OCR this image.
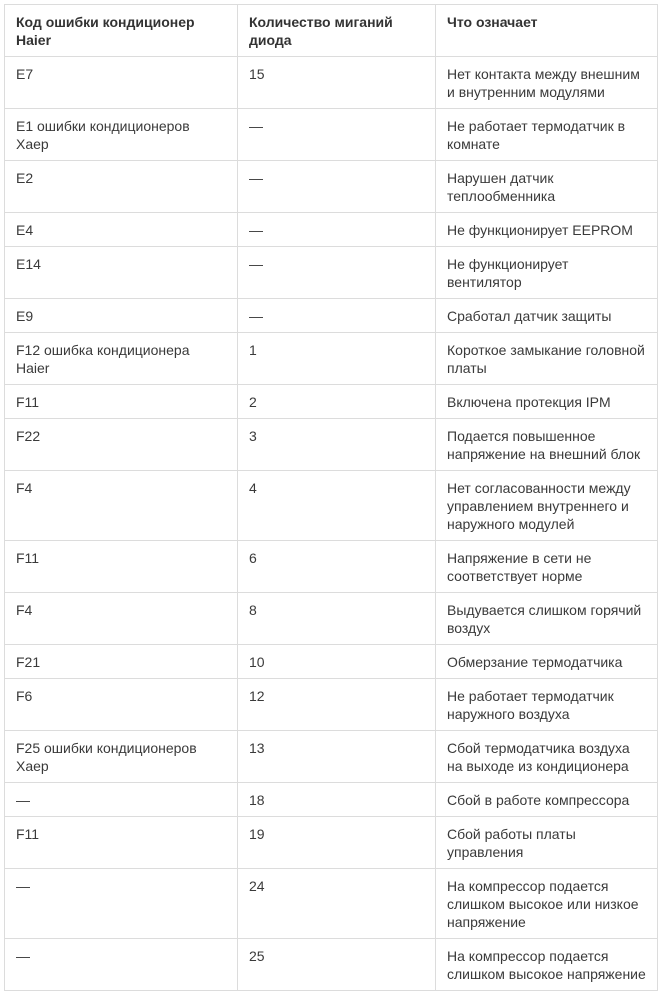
Код ошибки кондиционер Haier	Количество миганий диода	Что означает
E7	15	Нет контакта между внешним и внутренним модулями
E1 ошибки кондиционеров Хаер	—	Не работает термодатчик в комнате
E2	—	Нарушен датчик теплообменника
E4	—	Не функционирует EEPROM
E14	—	Не функционирует вентилятор
E9	—	Сработал датчик защиты
F12 ошибка кондиционера Haier	1	Короткое замыкание головной платы
F11	2	Включена протекция IPM
F22	3	Подается повышенное напряжение на внешний блок
F4	4	Нет согласованности между управлением внутреннего и наружного модулей
F11	6	Напряжение в сети не соответствует норме
F4	8	Выдувается слишком горячий воздух
F21	10	Обмерзание термодатчика
F6	12	Не работает термодатчик наружного воздуха
F25 ошибки кондиционеров Хаер	13	Сбой термодатчика воздуха на выходе из кондиционера
—	18	Сбой в работе компрессора
F11	19	Сбой работы платы управления
—	24	На компрессор подается слишком высокое или низкое напряжение
—	25	На компрессор подается слишком высокое напряжение
